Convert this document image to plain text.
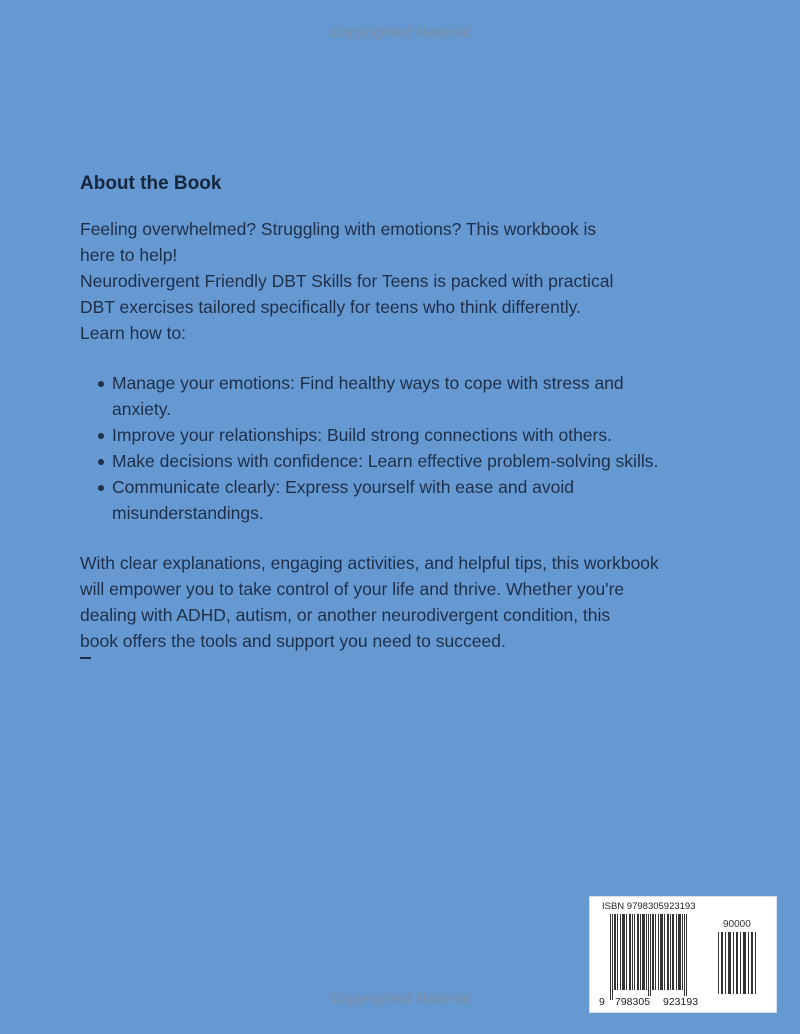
Copyrighted Material
About the Book

Feeling overwhelmed? Struggling with emotions? This workbook is
here to help!
Neurodivergent Friendly DBT Skills for Teens is packed with practical
DBT exercises tailored specifically for teens who think differently.
Learn how to:

Manage your emotions: Find healthy ways to cope with stress and
anxiety.
Improve your relationships: Build strong connections with others.
Make decisions with confidence: Learn effective problem-solving skills.
Communicate clearly: Express yourself with ease and avoid
misunderstandings.

With clear explanations, engaging activities, and helpful tips, this workbook
will empower you to take control of your life and thrive. Whether you're
dealing with ADHD, autism, or another neurodivergent condition, this
book offers the tools and support you need to succeed.

ISBN 9798305923193
90000
9 798305 923193
Copyrighted Material
